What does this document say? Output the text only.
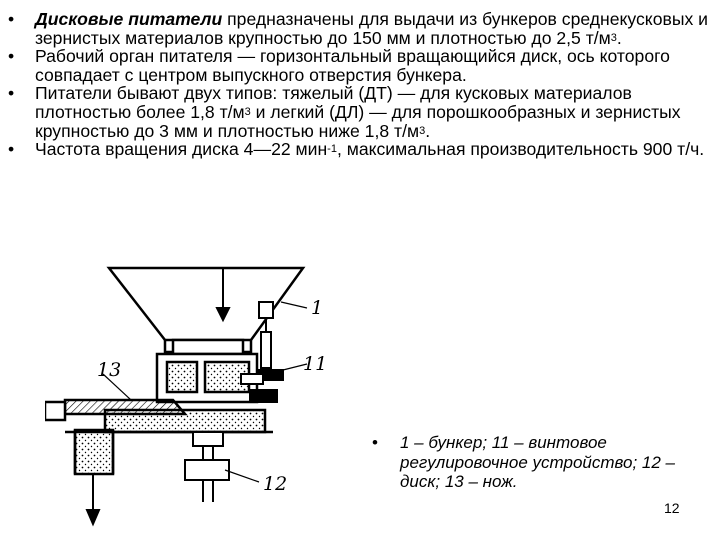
•	Дисковые питатели предназначены для выдачи из бункеров среднекусковых и зернистых материалов крупностью до 150 мм и плотностью до 2,5 $т/м^3$.
•	Рабочий орган питателя — горизонтальный вращающийся диск, ось которого совпадает с центром выпускного отверстия бункера.
•	Питатели бывают двух типов: тяжелый (ДТ) — для кусковых материалов плотностью более 1,8 $т/м^3$ и легкий (ДЛ) — для порошкообразных и зернистых крупностью до 3 мм и плотностью ниже 1,8 $т/м^3$.
•	Частота вращения диска 4—22 мин$^{-1}$, максимальная производительность 900 т/ч.
1
11
12
13
•	1 – бункер; 11 – винтовое регулировочное устройство; 12 – диск; 13 – нож.
12
